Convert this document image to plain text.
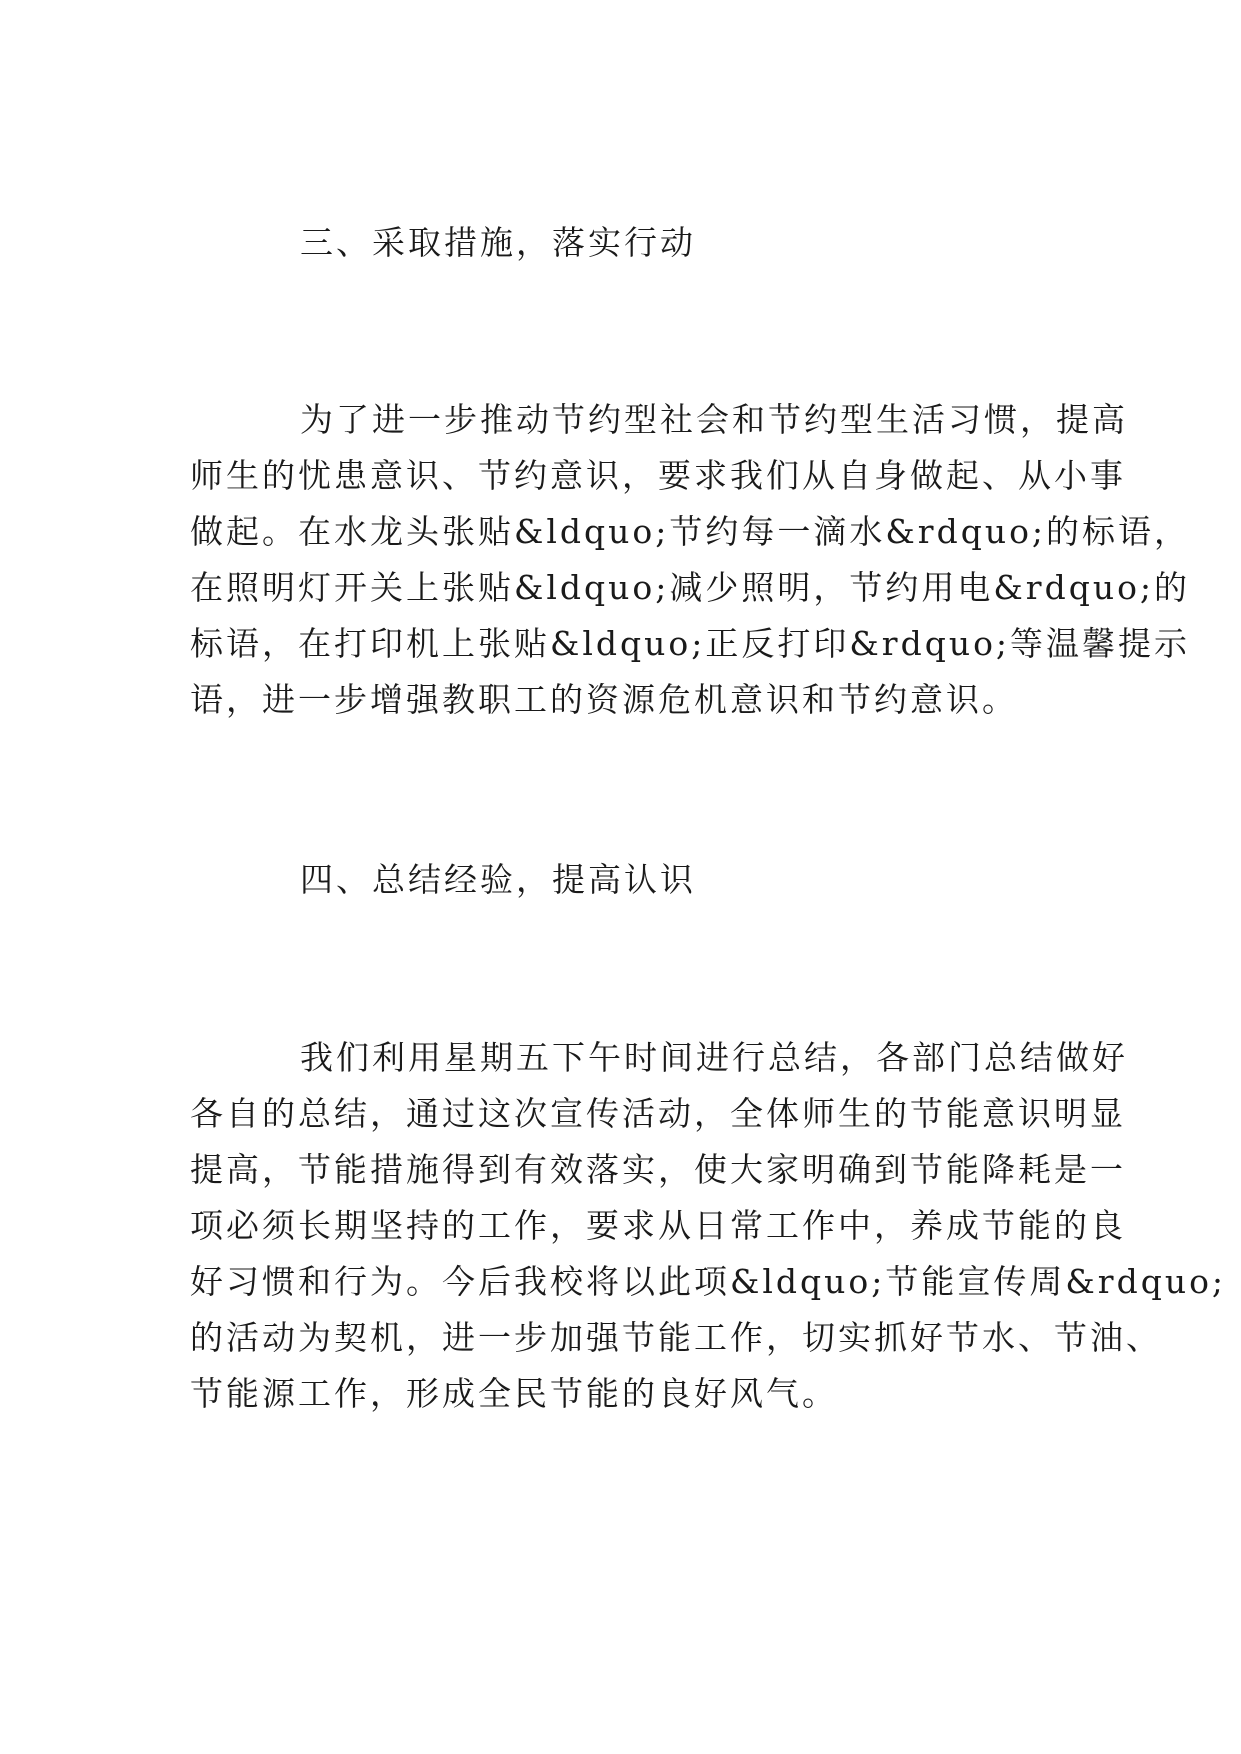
三、采取措施，落实行动
为了进一步推动节约型社会和节约型生活习惯，提高
师生的忧患意识、节约意识，要求我们从自身做起、从小事
做起。在水龙头张贴&ldquo;节约每一滴水&rdquo;的标语，
在照明灯开关上张贴&ldquo;减少照明，节约用电&rdquo;的
标语，在打印机上张贴&ldquo;正反打印&rdquo;等温馨提示
语，进一步增强教职工的资源危机意识和节约意识。
四、总结经验，提高认识
我们利用星期五下午时间进行总结，各部门总结做好
各自的总结，通过这次宣传活动，全体师生的节能意识明显
提高，节能措施得到有效落实，使大家明确到节能降耗是一
项必须长期坚持的工作，要求从日常工作中，养成节能的良
好习惯和行为。今后我校将以此项&ldquo;节能宣传周&rdquo;
的活动为契机，进一步加强节能工作，切实抓好节水、节油、
节能源工作，形成全民节能的良好风气。
